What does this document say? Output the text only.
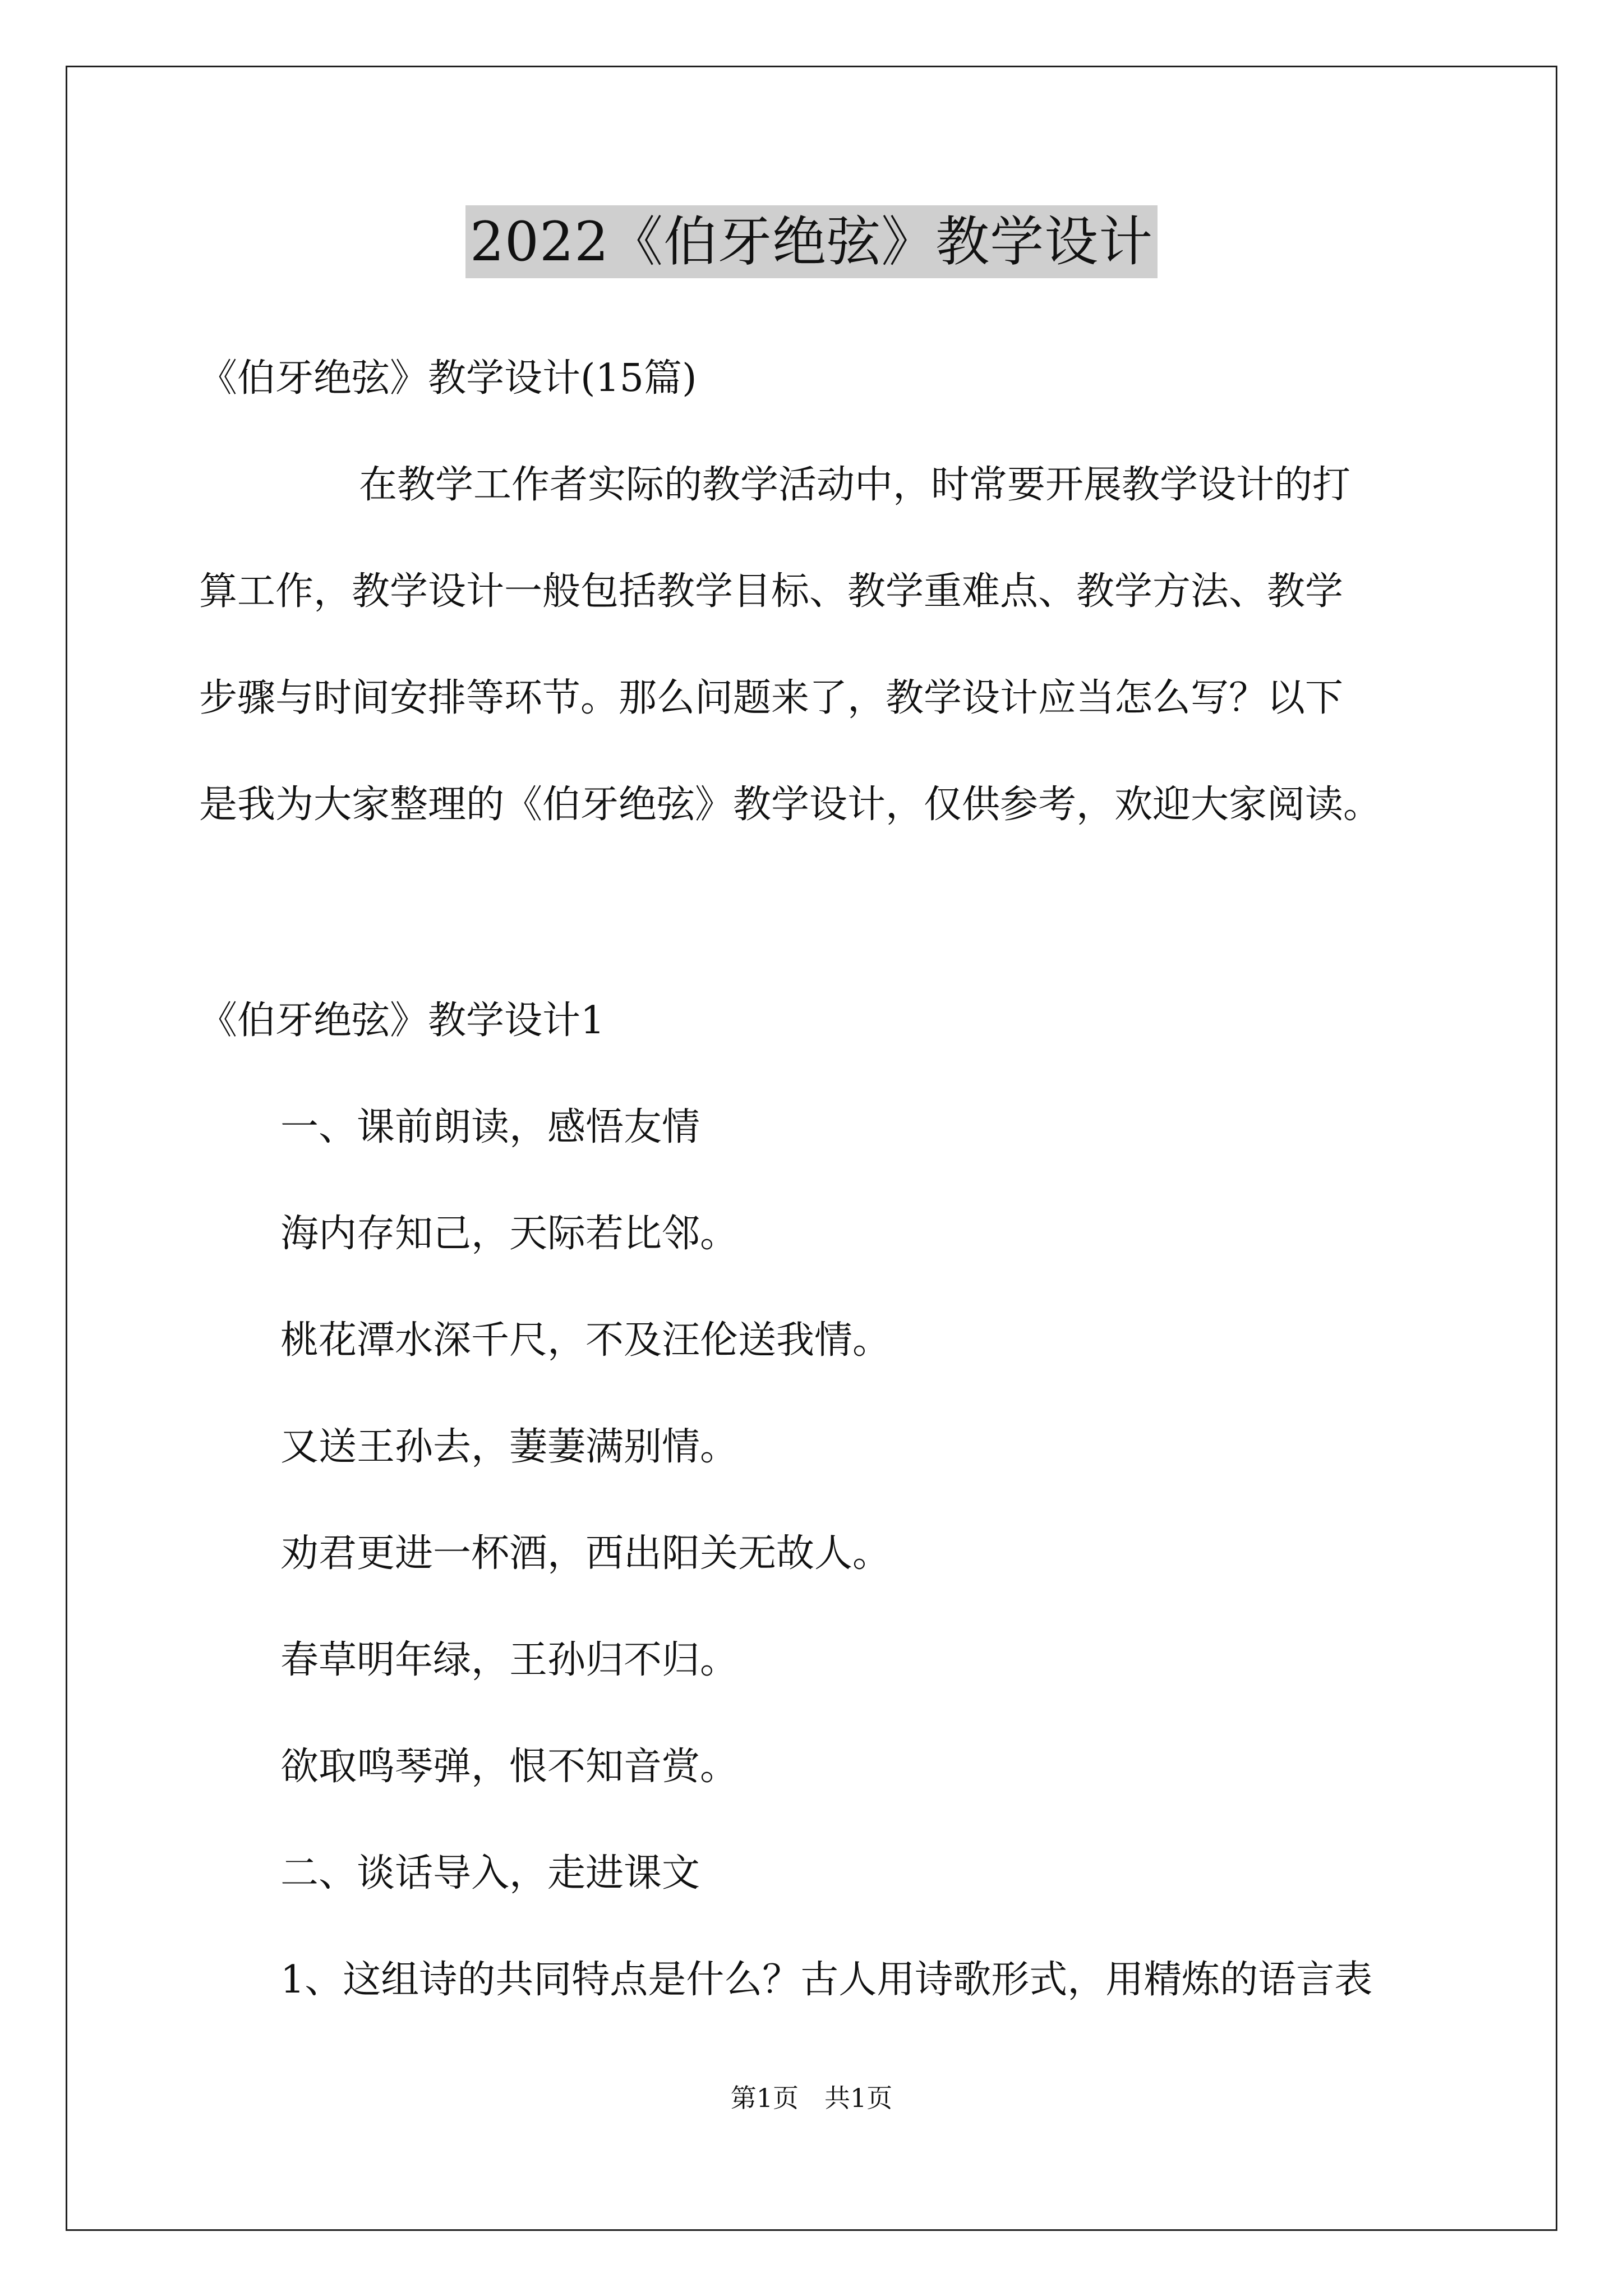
2022《伯牙绝弦》教学设计
《伯牙绝弦》教学设计(15篇)
在教学工作者实际的教学活动中，时常要开展教学设计的打
算工作，教学设计一般包括教学目标、教学重难点、教学方法、教学
步骤与时间安排等环节。那么问题来了，教学设计应当怎么写？以下
是我为大家整理的《伯牙绝弦》教学设计，仅供参考，欢迎大家阅读。
《伯牙绝弦》教学设计1
一、课前朗读，感悟友情
海内存知己，天际若比邻。
桃花潭水深千尺，不及汪伦送我情。
又送王孙去，萋萋满别情。
劝君更进一杯酒，西出阳关无故人。
春草明年绿，王孙归不归。
欲取鸣琴弹，恨不知音赏。
二、谈话导入，走进课文
1、这组诗的共同特点是什么？古人用诗歌形式，用精炼的语言表
第1页　共1页
